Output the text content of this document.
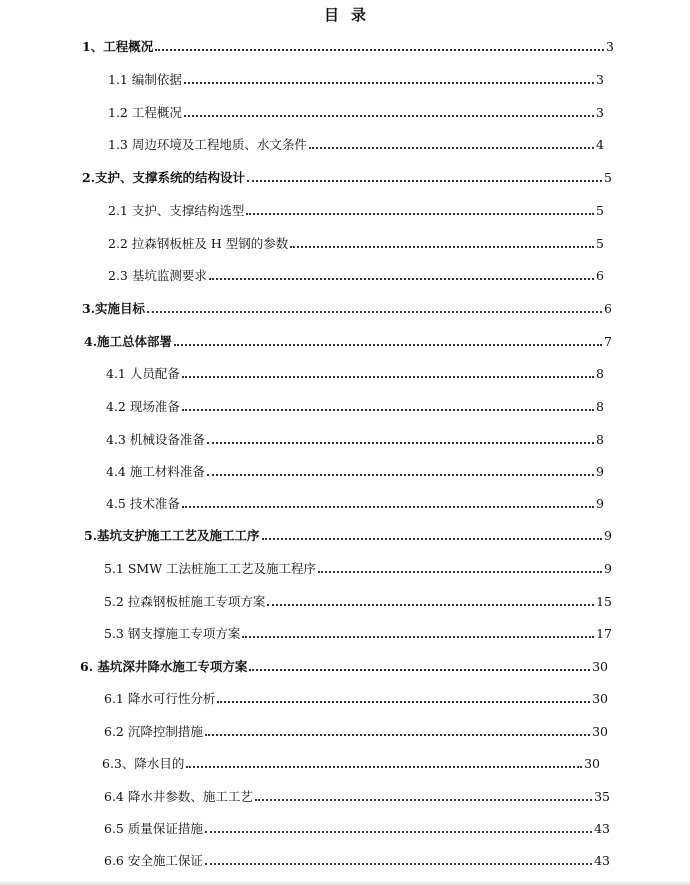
目录
1、工程概况	3
1.1 编制依据	3
1.2 工程概况	3
1.3 周边环境及工程地质、水文条件	4
2.支护、支撑系统的结构设计	5
2.1 支护、支撑结构选型	5
2.2 拉森钢板桩及 H 型钢的参数	5
2.3 基坑监测要求	6
3.实施目标	6
4.施工总体部署	7
4.1 人员配备	8
4.2 现场准备	8
4.3 机械设备准备	8
4.4 施工材料准备	9
4.5 技术准备	9
5.基坑支护施工工艺及施工工序	9
5.1 SMW 工法桩施工工艺及施工程序	9
5.2 拉森钢板桩施工专项方案	15
5.3 钢支撑施工专项方案	17
6. 基坑深井降水施工专项方案	30
6.1 降水可行性分析	30
6.2 沉降控制措施	30
6.3、降水目的	30
6.4 降水井参数、施工工艺	35
6.5 质量保证措施	43
6.6 安全施工保证	43
